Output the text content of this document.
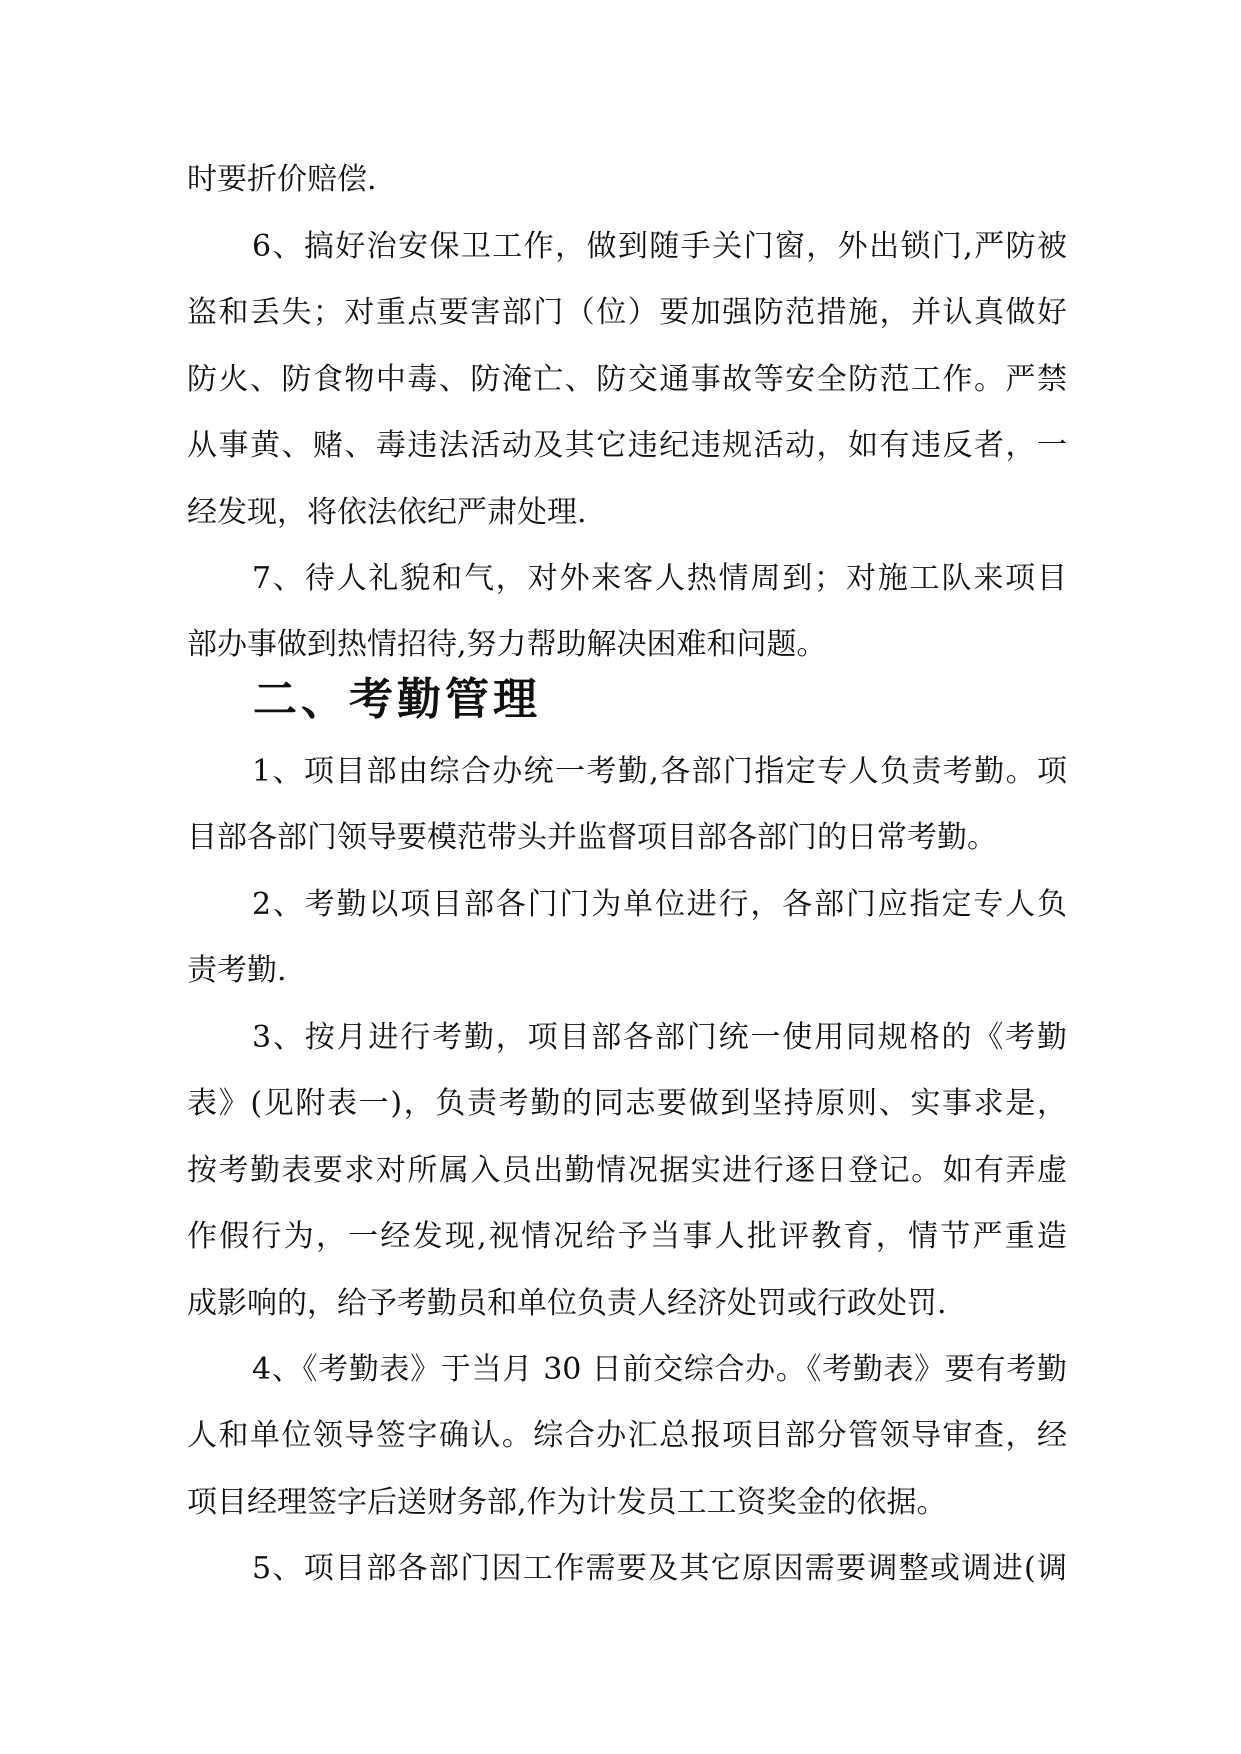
时要折价赔偿.
6、搞好治安保卫工作，做到随手关门窗，外出锁门,严防被
盗和丢失；对重点要害部门（位）要加强防范措施，并认真做好
防火、防食物中毒、防淹亡、防交通事故等安全防范工作。严禁
从事黄、赌、毒违法活动及其它违纪违规活动，如有违反者，一
经发现，将依法依纪严肃处理.
7、待人礼貌和气，对外来客人热情周到；对施工队来项目
部办事做到热情招待,努力帮助解决困难和问题。
二、考勤管理
1、项目部由综合办统一考勤,各部门指定专人负责考勤。项
目部各部门领导要模范带头并监督项目部各部门的日常考勤。
2、考勤以项目部各门门为单位进行，各部门应指定专人负
责考勤.
3、按月进行考勤，项目部各部门统一使用同规格的《考勤
表》(见附表一)，负责考勤的同志要做到坚持原则、实事求是，
按考勤表要求对所属入员出勤情况据实进行逐日登记。如有弄虚
作假行为，一经发现,视情况给予当事人批评教育，情节严重造
成影响的，给予考勤员和单位负责人经济处罚或行政处罚.
4、《考勤表》于当月 30 日前交综合办。《考勤表》要有考勤
人和单位领导签字确认。综合办汇总报项目部分管领导审查，经
项目经理签字后送财务部,作为计发员工工资奖金的依据。
5、项目部各部门因工作需要及其它原因需要调整或调进(调
